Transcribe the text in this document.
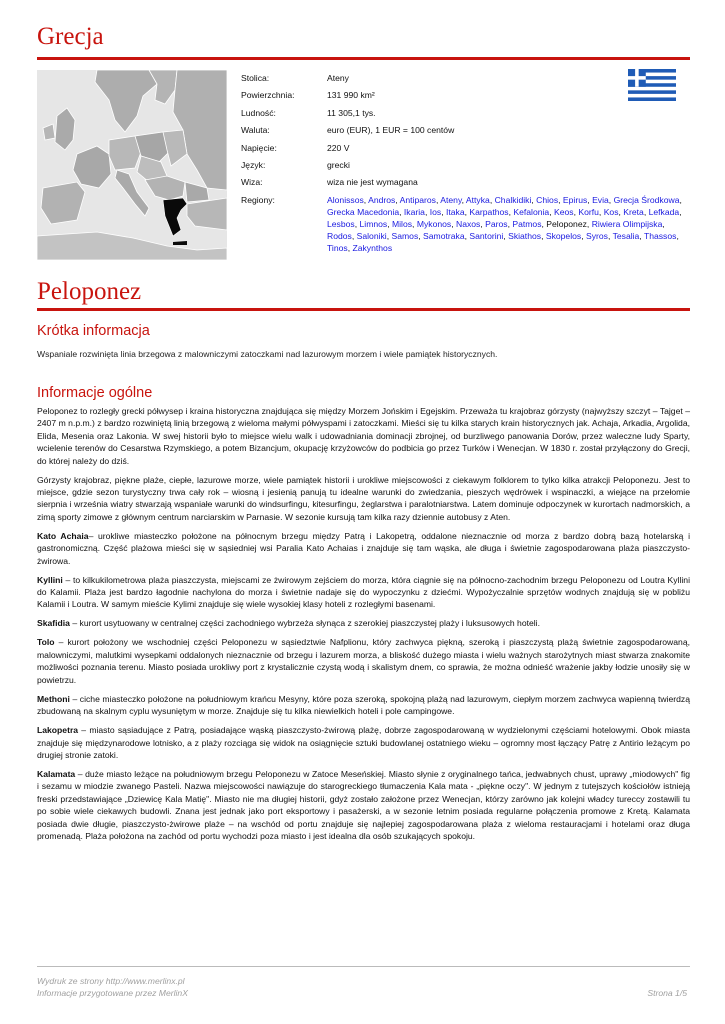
Grecja
Stolica:	Ateny
Powierzchnia:	131 990 km²
Ludność:	11 305,1 tys.
Waluta:	euro (EUR), 1 EUR = 100 centów
Napięcie:	220 V
Język:	grecki
Wiza:	wiza nie jest wymagana
Regiony:	Alonissos, Andros, Antiparos, Ateny, Attyka, Chalkidiki, Chios, Epirus, Evia, Grecja Środkowa, Grecka Macedonia, Ikaria, Ios, Itaka, Karpathos, Kefalonia, Keos, Korfu, Kos, Kreta, Lefkada, Lesbos, Limnos, Milos, Mykonos, Naxos, Paros, Patmos, Peloponez, Riwiera Olimpijska, Rodos, Saloniki, Samos, Samotraka, Santorini, Skiathos, Skopelos, Syros, Tesalia, Thassos, Tinos, Zakynthos
Peloponez
Krótka informacja

Wspaniale rozwinięta linia brzegowa z malowniczymi zatoczkami nad lazurowym morzem i wiele pamiątek historycznych.

Informacje ogólne

Peloponez to rozległy grecki półwysep i kraina historyczna znajdująca się między Morzem Jońskim i Egejskim. Przeważa tu krajobraz górzysty (najwyższy szczyt – Tajget – 2407 m n.p.m.) z bardzo rozwiniętą linią brzegową z wieloma małymi półwyspami i zatoczkami. Mieści się tu kilka starych krain historycznych jak. Achaja, Arkadia, Argolida, Elida, Mesenia oraz Lakonia. W swej historii było to miejsce wielu walk i udowadniania dominacji zbrojnej, od burzliwego panowania Dorów, przez waleczne ludy Sparty, wcielenie terenów do Cesarstwa Rzymskiego, a potem Bizancjum, okupację krzyżowców do podbicia go przez Turków i Wenecjan. W 1830 r. został przyłączony do Grecji, do której należy do dziś.

Górzysty krajobraz, piękne plaże, ciepłe, lazurowe morze, wiele pamiątek historii i urokliwe miejscowości z ciekawym folklorem to tylko kilka atrakcji Peloponezu. Jest to miejsce, gdzie sezon turystyczny trwa cały rok – wiosną i jesienią panują tu idealne warunki do zwiedzania, pieszych wędrówek i wspinaczki, a wiejące na przełomie sierpnia i września wiatry stwarzają wspaniałe warunki do windsurfingu, kitesurfingu, żeglarstwa i paralotniarstwa. Latem dominuje odpoczynek w kurortach nadmorskich, a zimą sporty zimowe z głównym centrum narciarskim w Parnasie. W sezonie kursują tam kilka razy dziennie autobusy z Aten.

Kato Achaia– urokliwe miasteczko położone na północnym brzegu między Patrą i Lakopetrą, oddalone nieznacznie od morza z bardzo dobrą bazą hotelarską i gastronomiczną. Część plażowa mieści się w sąsiedniej wsi Paralia Kato Achaias i znajduje się tam wąska, ale długa i świetnie zagospodarowana plaża piaszczysto-żwirowa.

Kyllini – to kilkukilometrowa plaża piaszczysta, miejscami ze żwirowym zejściem do morza, która ciągnie się na północno-zachodnim brzegu Peloponezu od Loutra Kyllini do Kalamii. Plaża jest bardzo łagodnie nachylona do morza i świetnie nadaje się do wypoczynku z dziećmi. Wypożyczalnie sprzętów wodnych znajdują się w pobliżu Kalamii i Loutra. W samym mieście Kylimi znajduje się wiele wysokiej klasy hoteli z rozległymi basenami.

Skafidia – kurort usytuowany w centralnej części zachodniego wybrzeża słynąca z szerokiej piaszczystej plaży i luksusowych hoteli.

Tolo – kurort położony we wschodniej części Peloponezu w sąsiedztwie Nafplionu, który zachwyca piękną, szeroką i piaszczystą plażą świetnie zagospodarowaną, malowniczymi, malutkimi wysepkami oddalonych nieznacznie od brzegu i lazurem morza, a bliskość dużego miasta i wielu ważnych starożytnych miast stwarza znakomite możliwości poznania terenu. Miasto posiada urokliwy port z krystalicznie czystą wodą i skalistym dnem, co sprawia, że można odnieść wrażenie jakby łodzie unosiły się w powietrzu.

Methoni – ciche miasteczko położone na południowym krańcu Mesyny, które poza szeroką, spokojną plażą nad lazurowym, ciepłym morzem zachwyca wapienną twierdzą zbudowaną na skalnym cyplu wysuniętym w morze. Znajduje się tu kilka niewielkich hoteli i pole campingowe.

Lakopetra – miasto sąsiadujące z Patrą, posiadające wąską piaszczysto-żwirową plażę, dobrze zagospodarowaną w wydzielonymi częściami hotelowymi. Obok miasta znajduje się międzynarodowe lotnisko, a z plaży rozciąga się widok na osiągnięcie sztuki budowlanej ostatniego wieku – ogromny most łączący Patrę z Antirio leżącym po drugiej stronie zatoki.

Kalamata – duże miasto leżące na południowym brzegu Peloponezu w Zatoce Meseńskiej. Miasto słynie z oryginalnego tańca, jedwabnych chust, uprawy „miodowych" fig i sezamu w miodzie zwanego Pasteli. Nazwa miejscowości nawiązuje do starogreckiego tłumaczenia Kala mata - „piękne oczy". W jednym z tutejszych kościołów istnieją freski przedstawiające „Dziewicę Kala Matię". Miasto nie ma długiej historii, gdyż zostało założone przez Wenecjan, którzy zarówno jak kolejni władcy tureccy zostawili tu po sobie wiele ciekawych budowli. Znana jest jednak jako port eksportowy i pasażerski, a w sezonie letnim posiada regularne połączenia promowe z Kretą. Kalamata posiada dwie długie, piaszczysto-żwirowe plaże – na wschód od portu znajduje się najlepiej zagospodarowana plaża z wieloma restauracjami i hotelami oraz długa promenadą. Plaża położona na zachód od portu wychodzi poza miasto i jest idealna dla osób szukających spokoju.

Wydruk ze strony http://www.merlinx.pl
Informacje przygotowane przez MerlinX	Strona 1/5
